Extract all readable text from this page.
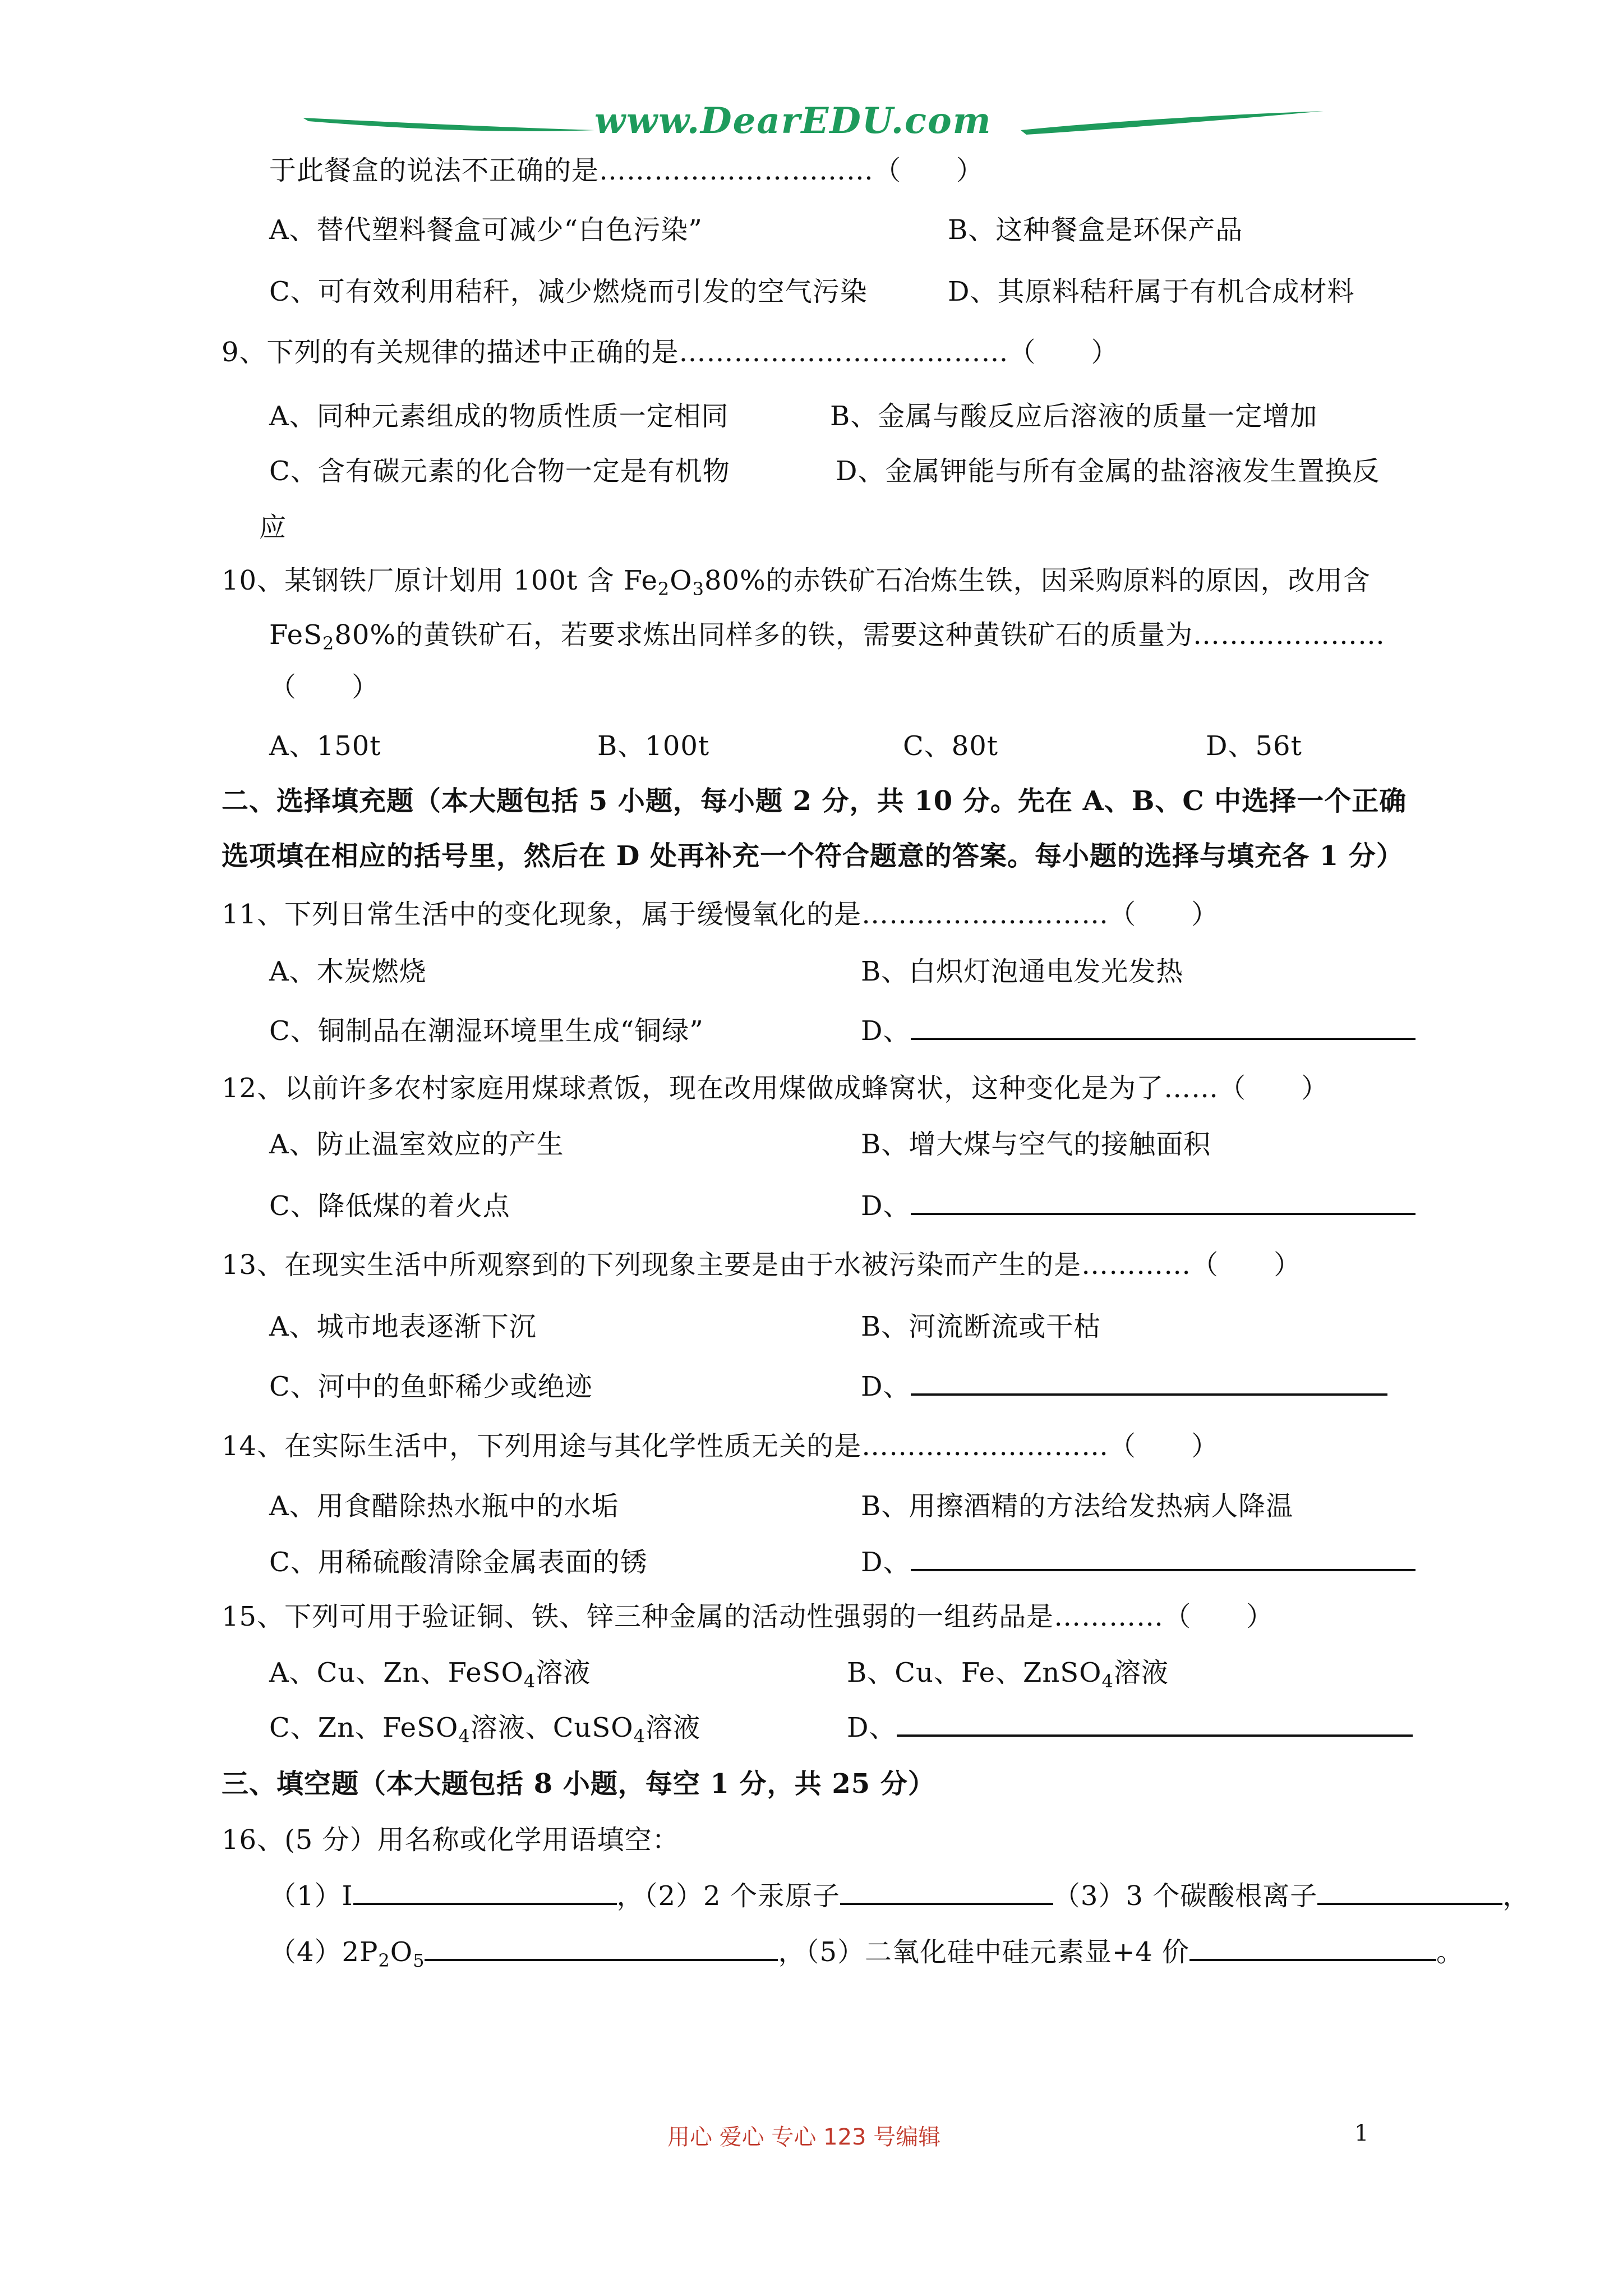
www.DearEDU.com
于此餐盒的说法不正确的是…………………………（　　）
A、替代塑料餐盒可减少“白色污染”	B、这种餐盒是环保产品
C、可有效利用秸秆，减少燃烧而引发的空气污染	D、其原料秸秆属于有机合成材料
9、下列的有关规律的描述中正确的是………………………………（　　）
A、同种元素组成的物质性质一定相同	B、金属与酸反应后溶液的质量一定增加
C、含有碳元素的化合物一定是有机物	D、金属钾能与所有金属的盐溶液发生置换反
应
10、某钢铁厂原计划用 100t 含 $Fe_2O_380\%$的赤铁矿石冶炼生铁，因采购原料的原因，改用含
FeS$_2$80%的黄铁矿石，若要求炼出同样多的铁，需要这种黄铁矿石的质量为…………………
（　　）
A、150t	B、100t	C、80t	D、56t
二、选择填充题（本大题包括 5 小题，每小题 2 分，共 10 分。先在 A、B、C 中选择一个正确
选项填在相应的括号里，然后在 D 处再补充一个符合题意的答案。每小题的选择与填充各 1 分）
11、下列日常生活中的变化现象，属于缓慢氧化的是………………………（　　）
A、木炭燃烧	B、白炽灯泡通电发光发热
C、铜制品在潮湿环境里生成“铜绿”	D、
12、以前许多农村家庭用煤球煮饭，现在改用煤做成蜂窝状，这种变化是为了……（　　）
A、防止温室效应的产生	B、增大煤与空气的接触面积
C、降低煤的着火点	D、
13、在现实生活中所观察到的下列现象主要是由于水被污染而产生的是…………（　　）
A、城市地表逐渐下沉	B、河流断流或干枯
C、河中的鱼虾稀少或绝迹	D、
14、在实际生活中，下列用途与其化学性质无关的是………………………（　　）
A、用食醋除热水瓶中的水垢	B、用擦酒精的方法给发热病人降温
C、用稀硫酸清除金属表面的锈	D、
15、下列可用于验证铜、铁、锌三种金属的活动性强弱的一组药品是…………（　　）
A、Cu、Zn、FeSO$_4$溶液	B、Cu、Fe、ZnSO$_4$溶液
C、Zn、FeSO$_4$溶液、CuSO$_4$溶液	D、
三、填空题（本大题包括 8 小题，每空 1 分，共 25 分）
16、(5 分）用名称或化学用语填空：
（1）I	，（2）2 个汞原子	（3）3 个碳酸根离子	，
$(4)2P_2O_5$	，（5）二氧化硅中硅元素显+4 价	。
用心 爱心 专心 123 号编辑	1
